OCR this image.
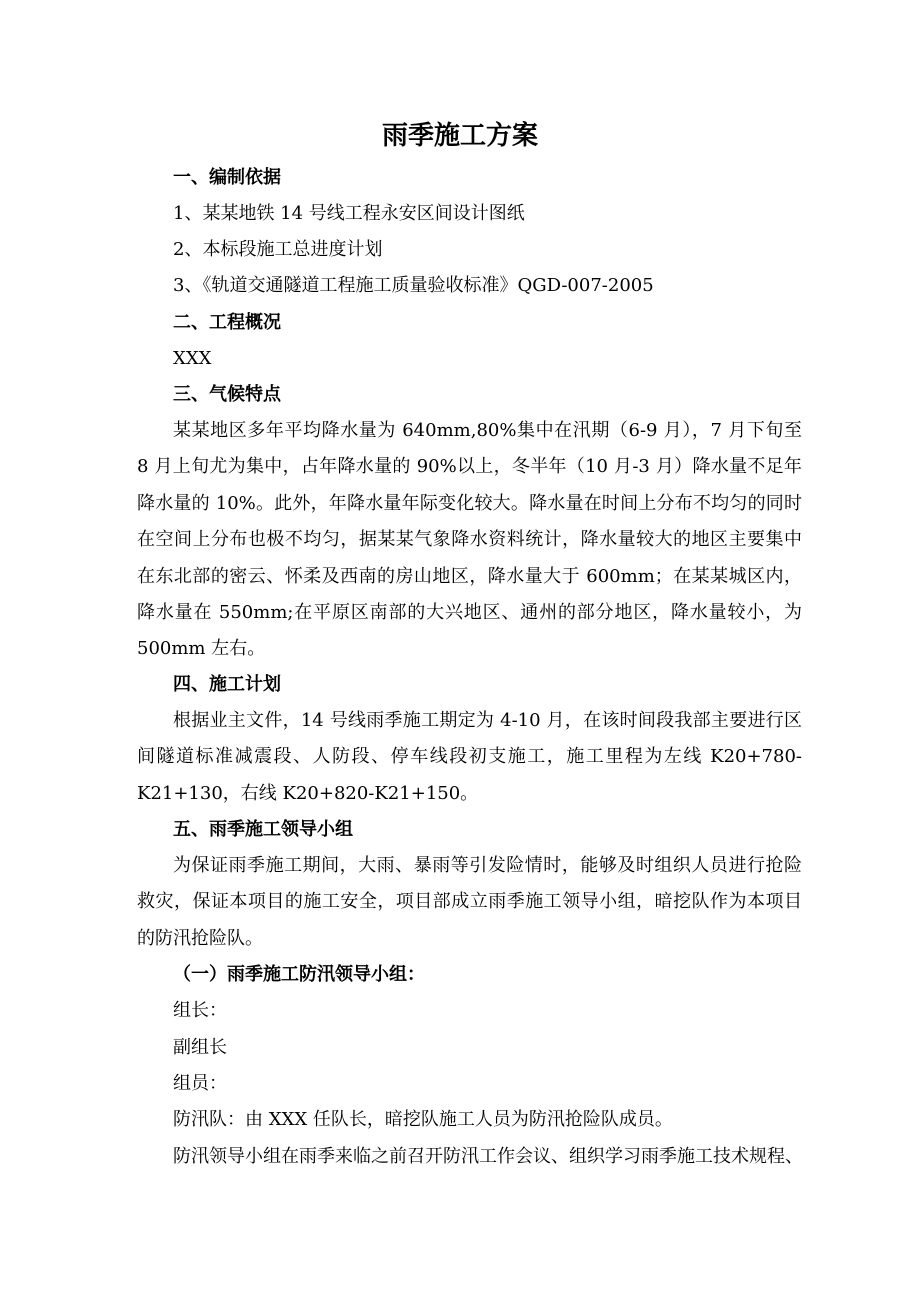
雨季施工方案
一、编制依据
1、某某地铁 14 号线工程永安区间设计图纸
2、本标段施工总进度计划
3、《轨道交通隧道工程施工质量验收标准》QGD-007-2005
二、工程概况
XXX
三、气候特点
某某地区多年平均降水量为 640mm,80%集中在汛期（6-9 月），7 月下旬至 8 月上旬尤为集中，占年降水量的 90%以上，冬半年（10 月-3 月）降水量不足年降水量的 10%。此外，年降水量年际变化较大。降水量在时间上分布不均匀的同时在空间上分布也极不均匀，据某某气象降水资料统计，降水量较大的地区主要集中在东北部的密云、怀柔及西南的房山地区，降水量大于 600mm；在某某城区内，降水量在 550mm;在平原区南部的大兴地区、通州的部分地区，降水量较小，为 500mm 左右。
四、施工计划
根据业主文件，14 号线雨季施工期定为 4-10 月，在该时间段我部主要进行区间隧道标准减震段、人防段、停车线段初支施工，施工里程为左线 K20+780-K21+130，右线 K20+820-K21+150。
五、雨季施工领导小组
为保证雨季施工期间，大雨、暴雨等引发险情时，能够及时组织人员进行抢险救灾，保证本项目的施工安全，项目部成立雨季施工领导小组，暗挖队作为本项目的防汛抢险队。
（一）雨季施工防汛领导小组：
组长：
副组长
组员：
防汛队：由 XXX 任队长，暗挖队施工人员为防汛抢险队成员。
防汛领导小组在雨季来临之前召开防汛工作会议、组织学习雨季施工技术规程、
